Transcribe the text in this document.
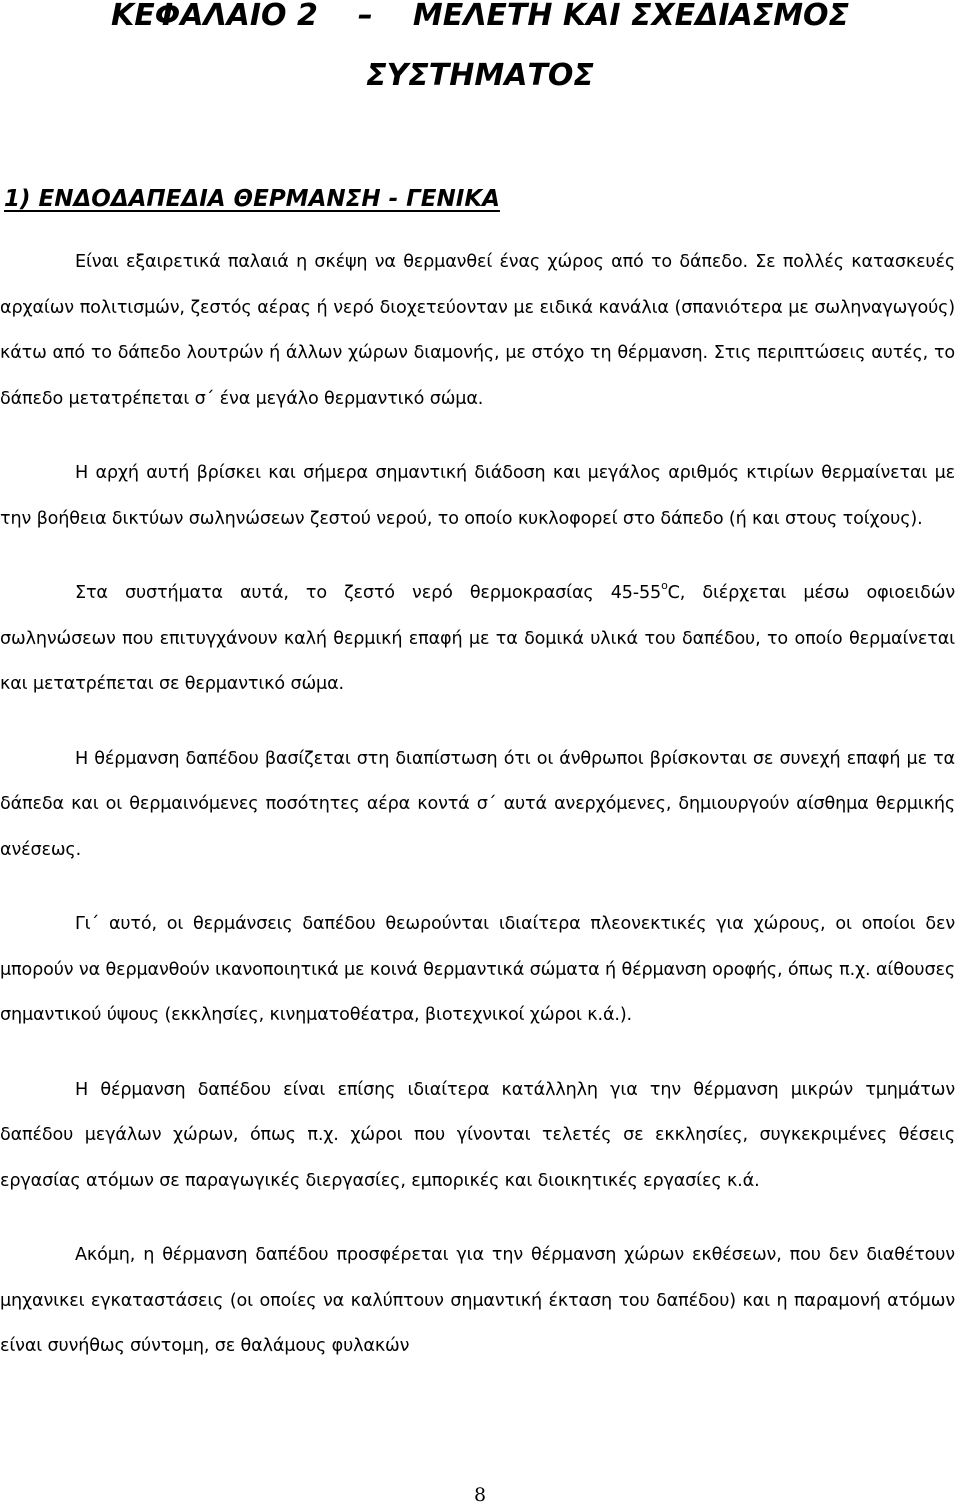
ΚΕΦΑΛΑΙΟ 2 – ΜΕΛΕΤΗ ΚΑΙ ΣΧΕΔΙΑΣΜΟΣ
ΣΥΣΤΗΜΑΤΟΣ
1) ΕΝΔΟΔΑΠΕΔΙΑ ΘΕΡΜΑΝΣΗ - ΓΕΝΙΚΑ

Είναι εξαιρετικά παλαιά η σκέψη να θερμανθεί ένας χώρος από το δάπεδο. Σε πολλές κατασκευές αρχαίων πολιτισμών, ζεστός αέρας ή νερό διοχετεύονταν με ειδικά κανάλια (σπανιότερα με σωληναγωγούς) κάτω από το δάπεδο λουτρών ή άλλων χώρων διαμονής, με στόχο τη θέρμανση. Στις περιπτώσεις αυτές, το δάπεδο μετατρέπεται σ΄ ένα μεγάλο θερμαντικό σώμα.

Η αρχή αυτή βρίσκει και σήμερα σημαντική διάδοση και μεγάλος αριθμός κτιρίων θερμαίνεται με την βοήθεια δικτύων σωληνώσεων ζεστού νερού, το οποίο κυκλοφορεί στο δάπεδο (ή και στους τοίχους).

Στα συστήματα αυτά, το ζεστό νερό θερμοκρασίας 45-55$^o$C, διέρχεται μέσω οφιοειδών σωληνώσεων που επιτυγχάνουν καλή θερμική επαφή με τα δομικά υλικά του δαπέδου, το οποίο θερμαίνεται και μετατρέπεται σε θερμαντικό σώμα.

Η θέρμανση δαπέδου βασίζεται στη διαπίστωση ότι οι άνθρωποι βρίσκονται σε συνεχή επαφή με τα δάπεδα και οι θερμαινόμενες ποσότητες αέρα κοντά σ΄ αυτά ανερχόμενες, δημιουργούν αίσθημα θερμικής ανέσεως.

Γι΄ αυτό, οι θερμάνσεις δαπέδου θεωρούνται ιδιαίτερα πλεονεκτικές για χώρους, οι οποίοι δεν μπορούν να θερμανθούν ικανοποιητικά με κοινά θερμαντικά σώματα ή θέρμανση οροφής, όπως π.χ. αίθουσες σημαντικού ύψους (εκκλησίες, κινηματοθέατρα, βιοτεχνικοί χώροι κ.ά.).

Η θέρμανση δαπέδου είναι επίσης ιδιαίτερα κατάλληλη για την θέρμανση μικρών τμημάτων δαπέδου μεγάλων χώρων, όπως π.χ. χώροι που γίνονται τελετές σε εκκλησίες, συγκεκριμένες θέσεις εργασίας ατόμων σε παραγωγικές διεργασίες, εμπορικές και διοικητικές εργασίες κ.ά.

Ακόμη, η θέρμανση δαπέδου προσφέρεται για την θέρμανση χώρων εκθέσεων, που δεν διαθέτουν μηχανικει εγκαταστάσεις (οι οποίες να καλύπτουν σημαντική έκταση του δαπέδου) και η παραμονή ατόμων είναι συνήθως σύντομη, σε θαλάμους φυλακών

8
